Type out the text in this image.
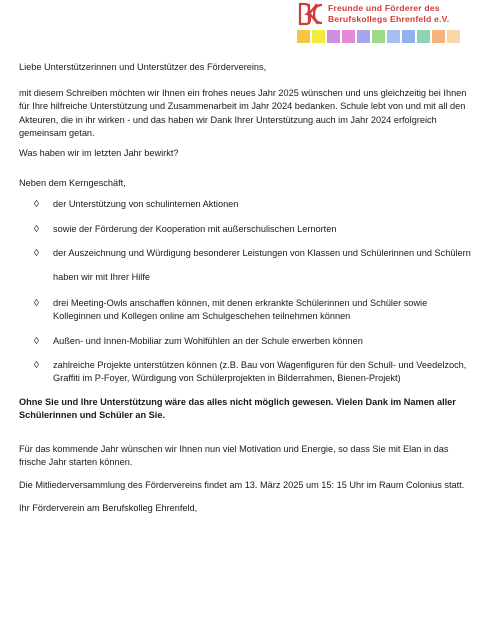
Freunde und Förderer des
Berufskollegs Ehrenfeld e.V.

Liebe Unterstützerinnen und Unterstützer des Fördervereins,

mit diesem Schreiben möchten wir Ihnen ein frohes neues Jahr 2025 wünschen und uns gleichzeitig bei Ihnen für Ihre hilfreiche Unterstützung und Zusammenarbeit im Jahr 2024 bedanken. Schule lebt von und mit all den Akteuren, die in ihr wirken - und das haben wir Dank Ihrer Unterstützung auch im Jahr 2024 erfolgreich gemeinsam getan.

Was haben wir im letzten Jahr bewirkt?

Neben dem Kerngeschäft,

◊ der Unterstützung von schulinternen Aktionen
◊ sowie der Förderung der Kooperation mit außerschulischen Lernorten
◊ der Auszeichnung und Würdigung besonderer Leistungen von Klassen und Schülerinnen und Schülern

haben wir mit Ihrer Hilfe

◊ drei Meeting-Owls anschaffen können, mit denen erkrankte Schülerinnen und Schüler sowie Kolleginnen und Kollegen online am Schulgeschehen teilnehmen können
◊ Außen- und Innen-Mobiliar zum Wohlfühlen an der Schule erwerben können
◊ zahlreiche Projekte unterstützen können (z.B. Bau von Wagenfiguren für den Schull- und Veedelzoch, Graffiti im P-Foyer, Würdigung von Schülerprojekten in Bilderrahmen, Bienen-Projekt)

Ohne Sie und Ihre Unterstützung wäre das alles nicht möglich gewesen. Vielen Dank im Namen aller Schülerinnen und Schüler an Sie.

Für das kommende Jahr wünschen wir Ihnen nun viel Motivation und Energie, so dass Sie mit Elan in das frische Jahr starten können.

Die Mitliederversammlung des Fördervereins findet am 13. März 2025 um 15: 15 Uhr im Raum Colonius statt.

Ihr Förderverein am Berufskolleg Ehrenfeld,
